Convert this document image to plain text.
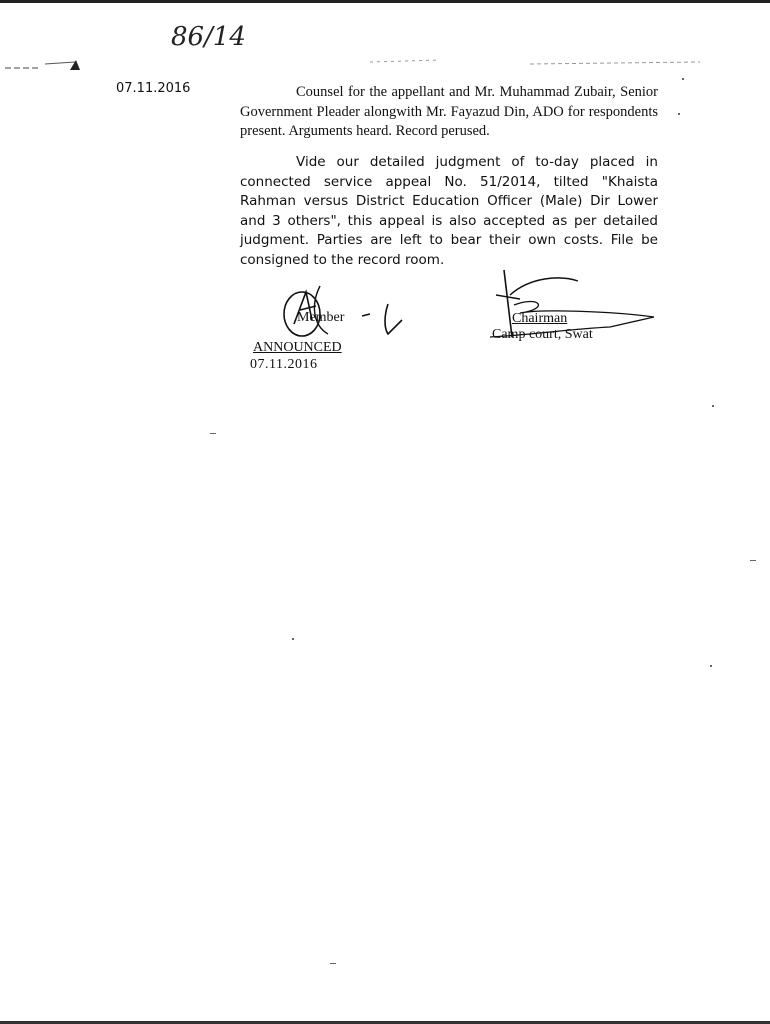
86/14
07.11.2016	Counsel for the appellant and Mr. Muhammad Zubair, Senior Government Pleader alongwith Mr. Fayazud Din, ADO for respondents present. Arguments heard. Record perused.
Vide our detailed judgment of to-day placed in connected service appeal No. 51/2014, tilted "Khaista Rahman versus District Education Officer (Male) Dir Lower and 3 others", this appeal is also accepted as per detailed judgment. Parties are left to bear their own costs. File be consigned to the record room.
Member	Chairman
Camp court, Swat
ANNOUNCED
07.11.2016
